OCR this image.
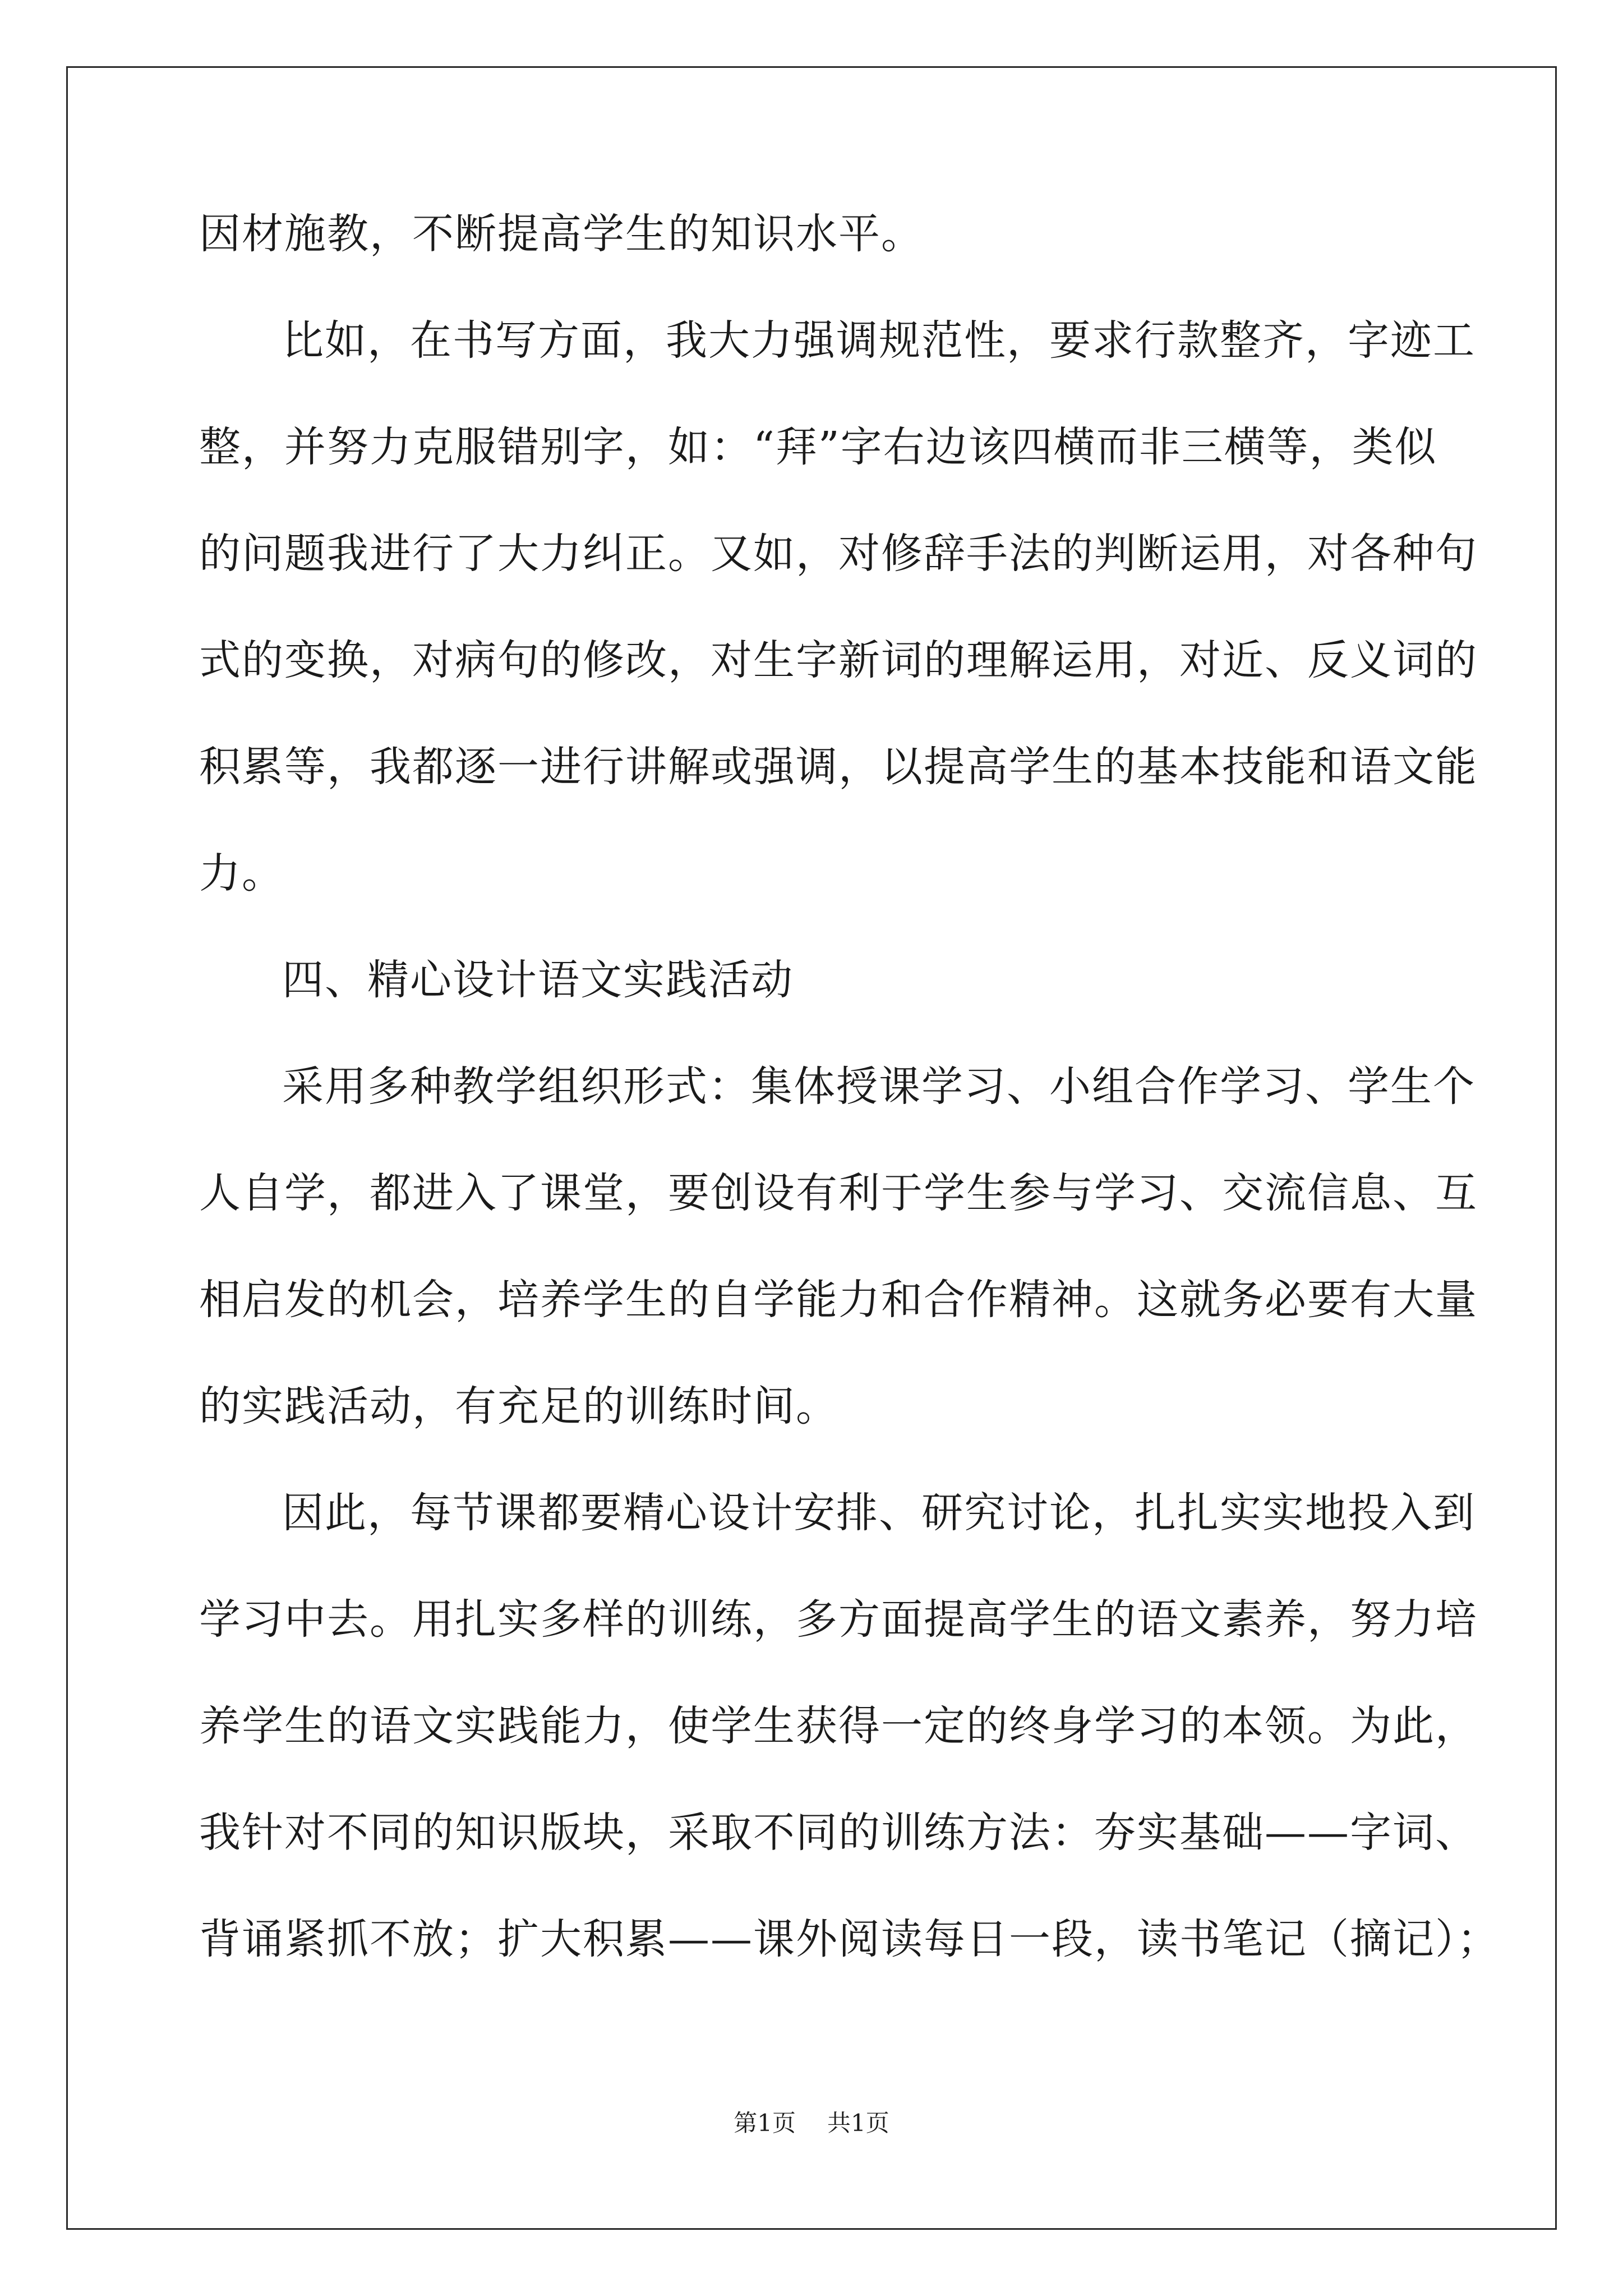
因材施教，不断提高学生的知识水平。
比如，在书写方面，我大力强调规范性，要求行款整齐，字迹工
整，并努力克服错别字，如：“拜”字右边该四横而非三横等，类似
的问题我进行了大力纠正。又如，对修辞手法的判断运用，对各种句
式的变换，对病句的修改，对生字新词的理解运用，对近、反义词的
积累等，我都逐一进行讲解或强调，以提高学生的基本技能和语文能
力。
四、精心设计语文实践活动
采用多种教学组织形式：集体授课学习、小组合作学习、学生个
人自学，都进入了课堂，要创设有利于学生参与学习、交流信息、互
相启发的机会，培养学生的自学能力和合作精神。这就务必要有大量
的实践活动，有充足的训练时间。
因此，每节课都要精心设计安排、研究讨论，扎扎实实地投入到
学习中去。用扎实多样的训练，多方面提高学生的语文素养，努力培
养学生的语文实践能力，使学生获得一定的终身学习的本领。为此，
我针对不同的知识版块，采取不同的训练方法：夯实基础——字词、
背诵紧抓不放；扩大积累——课外阅读每日一段，读书笔记（摘记）；
第1页 共1页
